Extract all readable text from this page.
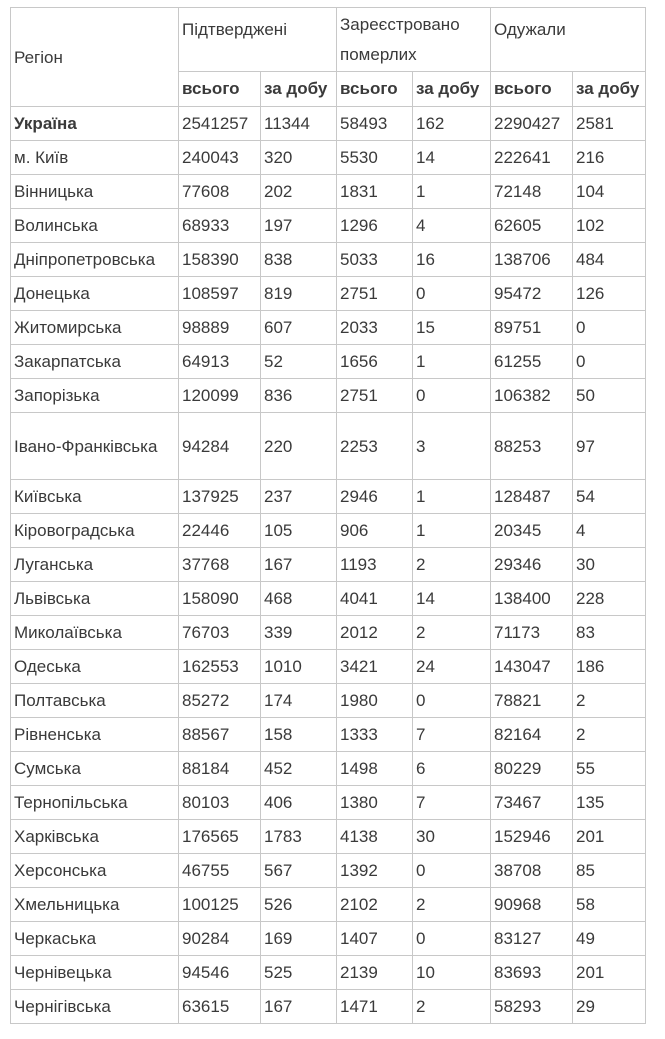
Регіон	Підтверджені		Зареєстровано померлих		Одужали	
	всього	за добу	всього	за добу	всього	за добу
Україна	2541257	11344	58493	162	2290427	2581
м. Київ	240043	320	5530	14	222641	216
Вінницька	77608	202	1831	1	72148	104
Волинська	68933	197	1296	4	62605	102
Дніпропетровська	158390	838	5033	16	138706	484
Донецька	108597	819	2751	0	95472	126
Житомирська	98889	607	2033	15	89751	0
Закарпатська	64913	52	1656	1	61255	0
Запорізька	120099	836	2751	0	106382	50
Івано-Франківська	94284	220	2253	3	88253	97
Київська	137925	237	2946	1	128487	54
Кіровоградська	22446	105	906	1	20345	4
Луганська	37768	167	1193	2	29346	30
Львівська	158090	468	4041	14	138400	228
Миколаївська	76703	339	2012	2	71173	83
Одеська	162553	1010	3421	24	143047	186
Полтавська	85272	174	1980	0	78821	2
Рівненська	88567	158	1333	7	82164	2
Сумська	88184	452	1498	6	80229	55
Тернопільська	80103	406	1380	7	73467	135
Харківська	176565	1783	4138	30	152946	201
Херсонська	46755	567	1392	0	38708	85
Хмельницька	100125	526	2102	2	90968	58
Черкаська	90284	169	1407	0	83127	49
Чернівецька	94546	525	2139	10	83693	201
Чернігівська	63615	167	1471	2	58293	29
